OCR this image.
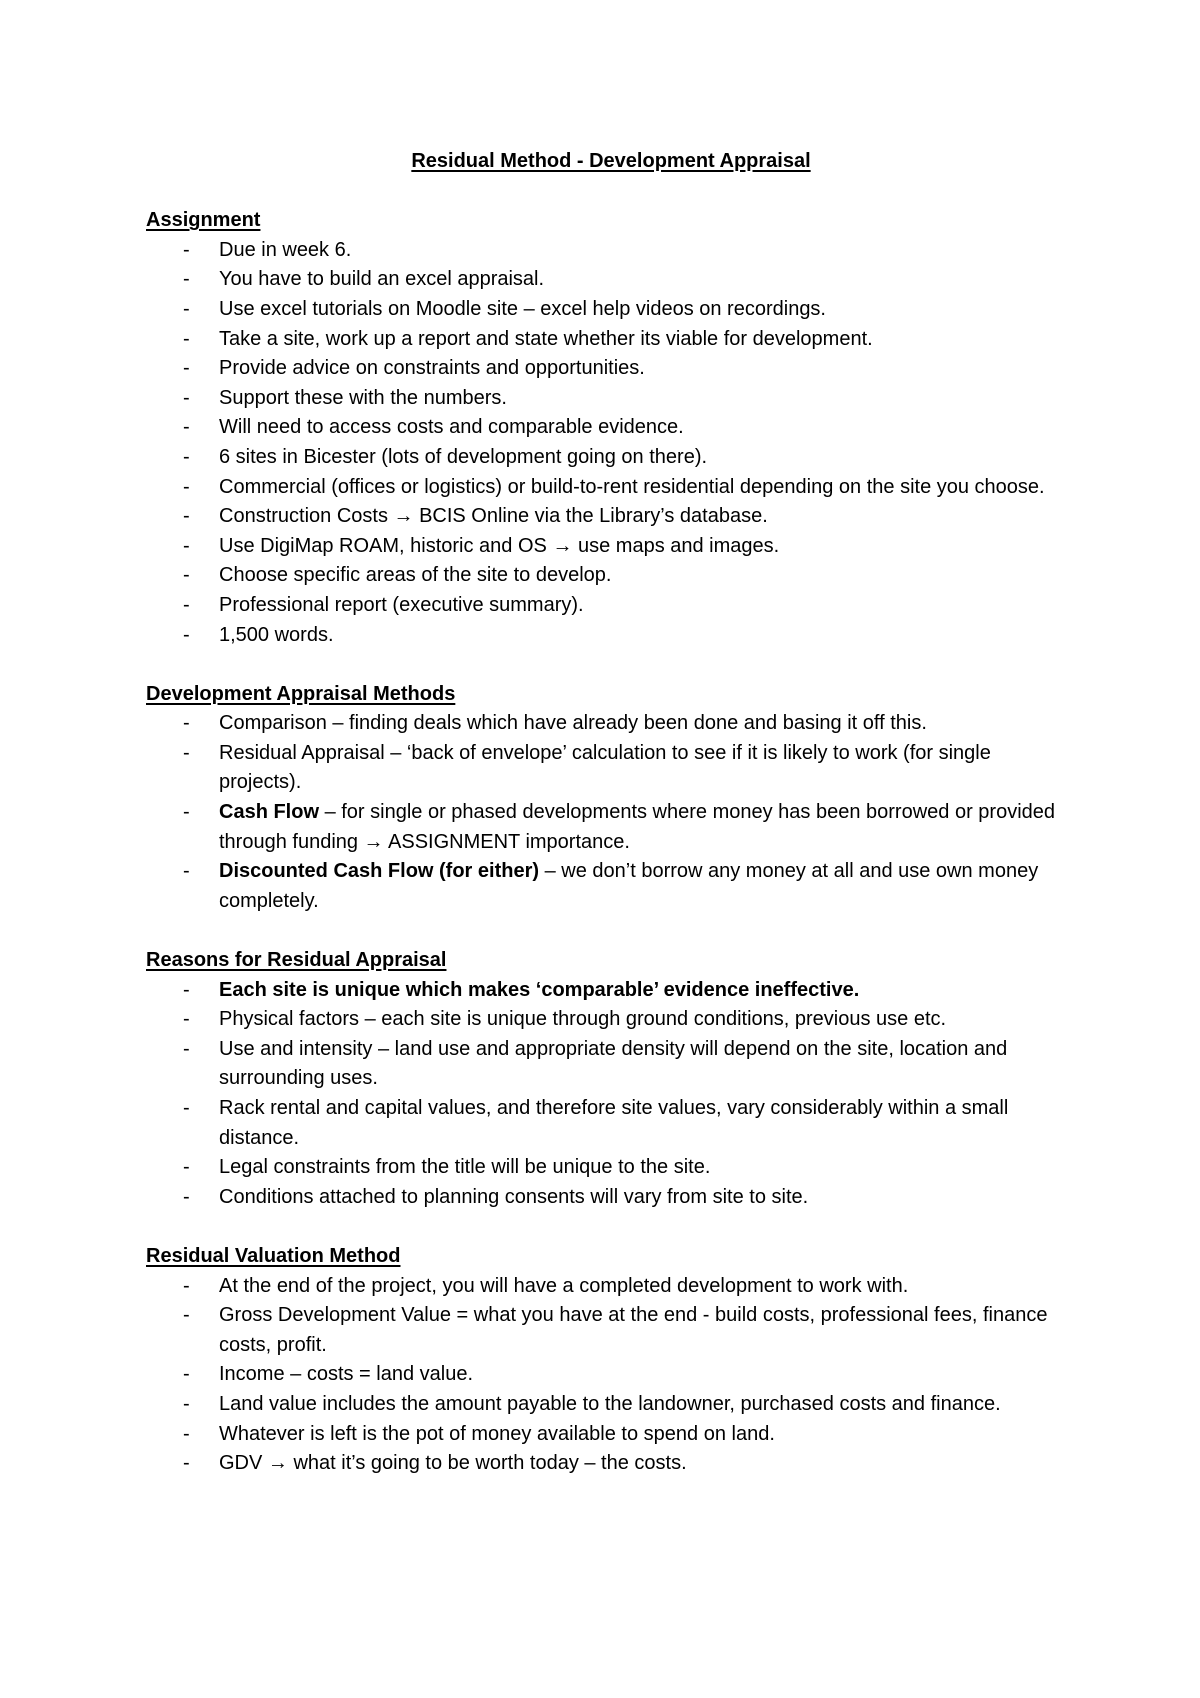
Residual Method - Development Appraisal
Assignment
- Due in week 6.
- You have to build an excel appraisal.
- Use excel tutorials on Moodle site – excel help videos on recordings.
- Take a site, work up a report and state whether its viable for development.
- Provide advice on constraints and opportunities.
- Support these with the numbers.
- Will need to access costs and comparable evidence.
- 6 sites in Bicester (lots of development going on there).
- Commercial (offices or logistics) or build-to-rent residential depending on the site you choose.
- Construction Costs → BCIS Online via the Library’s database.
- Use DigiMap ROAM, historic and OS → use maps and images.
- Choose specific areas of the site to develop.
- Professional report (executive summary).
- 1,500 words.
Development Appraisal Methods
- Comparison – finding deals which have already been done and basing it off this.
- Residual Appraisal – ‘back of envelope’ calculation to see if it is likely to work (for single projects).
- Cash Flow – for single or phased developments where money has been borrowed or provided through funding → ASSIGNMENT importance.
- Discounted Cash Flow (for either) – we don’t borrow any money at all and use own money completely.
Reasons for Residual Appraisal
- Each site is unique which makes ‘comparable’ evidence ineffective.
- Physical factors – each site is unique through ground conditions, previous use etc.
- Use and intensity – land use and appropriate density will depend on the site, location and surrounding uses.
- Rack rental and capital values, and therefore site values, vary considerably within a small distance.
- Legal constraints from the title will be unique to the site.
- Conditions attached to planning consents will vary from site to site.
Residual Valuation Method
- At the end of the project, you will have a completed development to work with.
- Gross Development Value = what you have at the end - build costs, professional fees, finance costs, profit.
- Income – costs = land value.
- Land value includes the amount payable to the landowner, purchased costs and finance.
- Whatever is left is the pot of money available to spend on land.
- GDV → what it’s going to be worth today – the costs.
